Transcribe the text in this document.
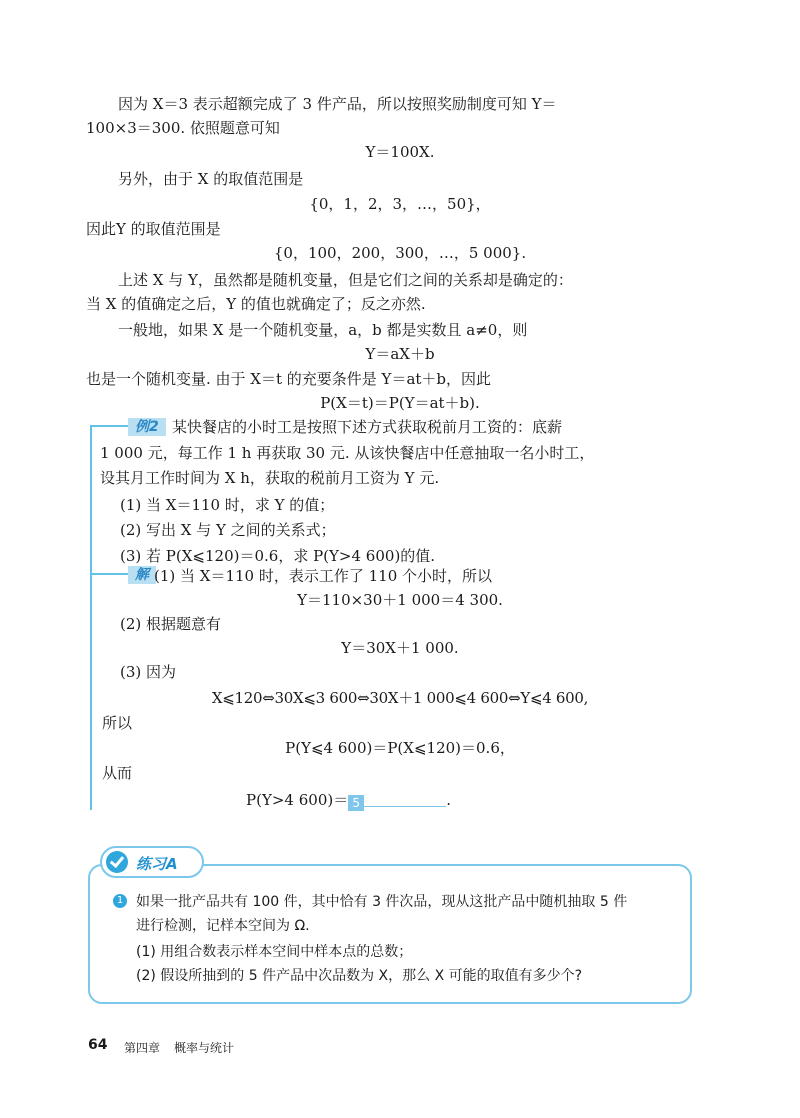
因为 X＝3 表示超额完成了 3 件产品，所以按照奖励制度可知 Y＝
100×3＝300. 依照题意可知
Y＝100X.
另外，由于 X 的取值范围是
{0，1，2，3，…，50}，
因此Y 的取值范围是
{0，100，200，300，…，5 000}.
上述 X 与 Y，虽然都是随机变量，但是它们之间的关系却是确定的：
当 X 的值确定之后，Y 的值也就确定了；反之亦然.
一般地，如果 X 是一个随机变量，a，b 都是实数且 a≠0，则
Y＝aX＋b
也是一个随机变量. 由于 X＝t 的充要条件是 Y＝at＋b，因此
P(X＝t)＝P(Y＝at＋b).
例2 某快餐店的小时工是按照下述方式获取税前月工资的：底薪
1 000 元，每工作 1 h 再获取 30 元. 从该快餐店中任意抽取一名小时工，
设其月工作时间为 X h，获取的税前月工资为 Y 元.
(1) 当 X＝110 时，求 Y 的值；
(2) 写出 X 与 Y 之间的关系式；
(3) 若 P(X⩽120)＝0.6，求 P(Y>4 600)的值.
解 (1) 当 X＝110 时，表示工作了 110 个小时，所以
Y＝110×30＋1 000＝4 300.
(2) 根据题意有
Y＝30X＋1 000.
(3) 因为
X⩽120⇔30X⩽3 600⇔30X＋1 000⩽4 600⇔Y⩽4 600,
所以
P(Y⩽4 600)＝P(X⩽120)＝0.6，
从而
P(Y>4 600)＝ 5	.
练习A
1 如果一批产品共有 100 件，其中恰有 3 件次品，现从这批产品中随机抽取 5 件
进行检测，记样本空间为 Ω.
(1) 用组合数表示样本空间中样本点的总数；
(2) 假设所抽到的 5 件产品中次品数为 X，那么 X 可能的取值有多少个?
64 第四章 概率与统计
